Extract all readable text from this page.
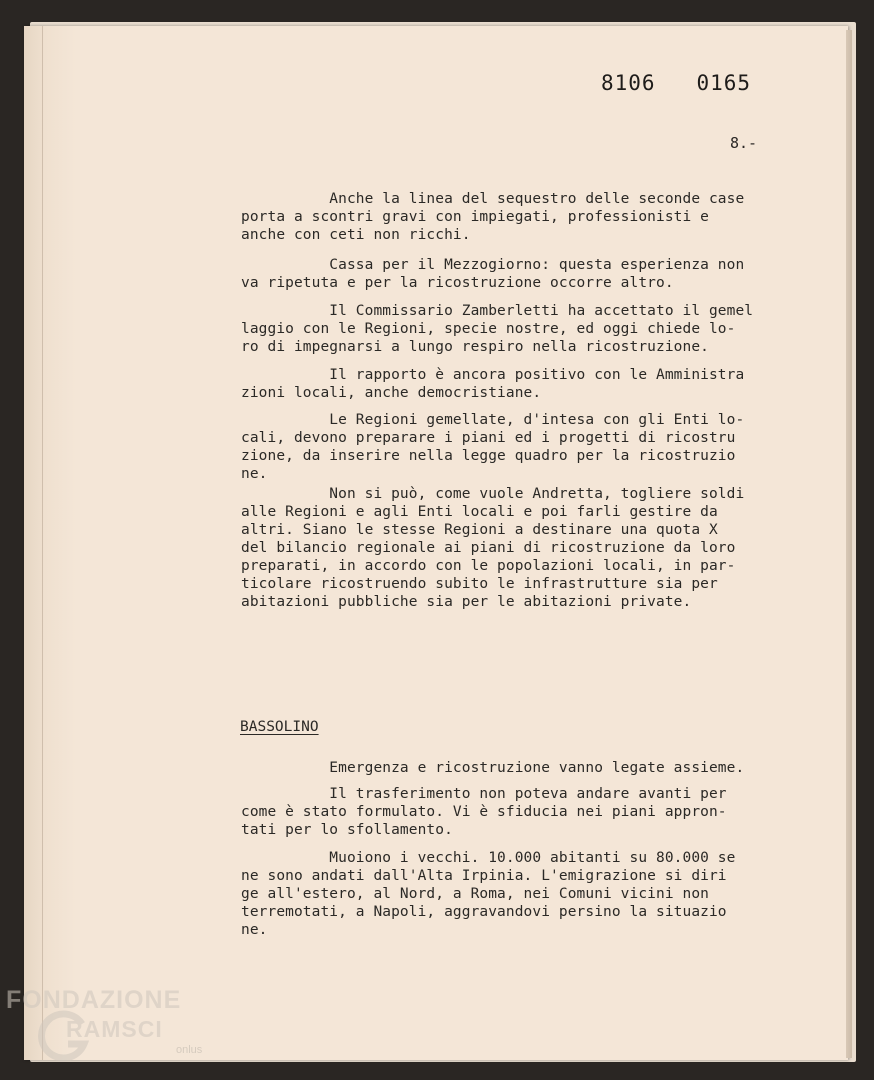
8106   0165
8.-
Anche la linea del sequestro delle seconde case
porta a scontri gravi con impiegati, professionisti e
anche con ceti non ricchi.
Cassa per il Mezzogiorno: questa esperienza non
va ripetuta e per la ricostruzione occorre altro.
Il Commissario Zamberletti ha accettato il gemel
laggio con le Regioni, specie nostre, ed oggi chiede lo-
ro di impegnarsi a lungo respiro nella ricostruzione.
Il rapporto è ancora positivo con le Amministra
zioni locali, anche democristiane.
Le Regioni gemellate, d'intesa con gli Enti lo-
cali, devono preparare i piani ed i progetti di ricostru
zione, da inserire nella legge quadro per la ricostruzio
ne.
Non si può, come vuole Andretta, togliere soldi
alle Regioni e agli Enti locali e poi farli gestire da
altri. Siano le stesse Regioni a destinare una quota X
del bilancio regionale ai piani di ricostruzione da loro
preparati, in accordo con le popolazioni locali, in par-
ticolare ricostruendo subito le infrastrutture sia per
abitazioni pubbliche sia per le abitazioni private.
BASSOLINO
Emergenza e ricostruzione vanno legate assieme.
Il trasferimento non poteva andare avanti per
come è stato formulato. Vi è sfiducia nei piani appron-
tati per lo sfollamento.
Muoiono i vecchi. 10.000 abitanti su 80.000 se
ne sono andati dall'Alta Irpinia. L'emigrazione si diri
ge all'estero, al Nord, a Roma, nei Comuni vicini non
terremotati, a Napoli, aggravandovi persino la situazio
ne.
FONDAZIONE
RAMSCI
onlus
